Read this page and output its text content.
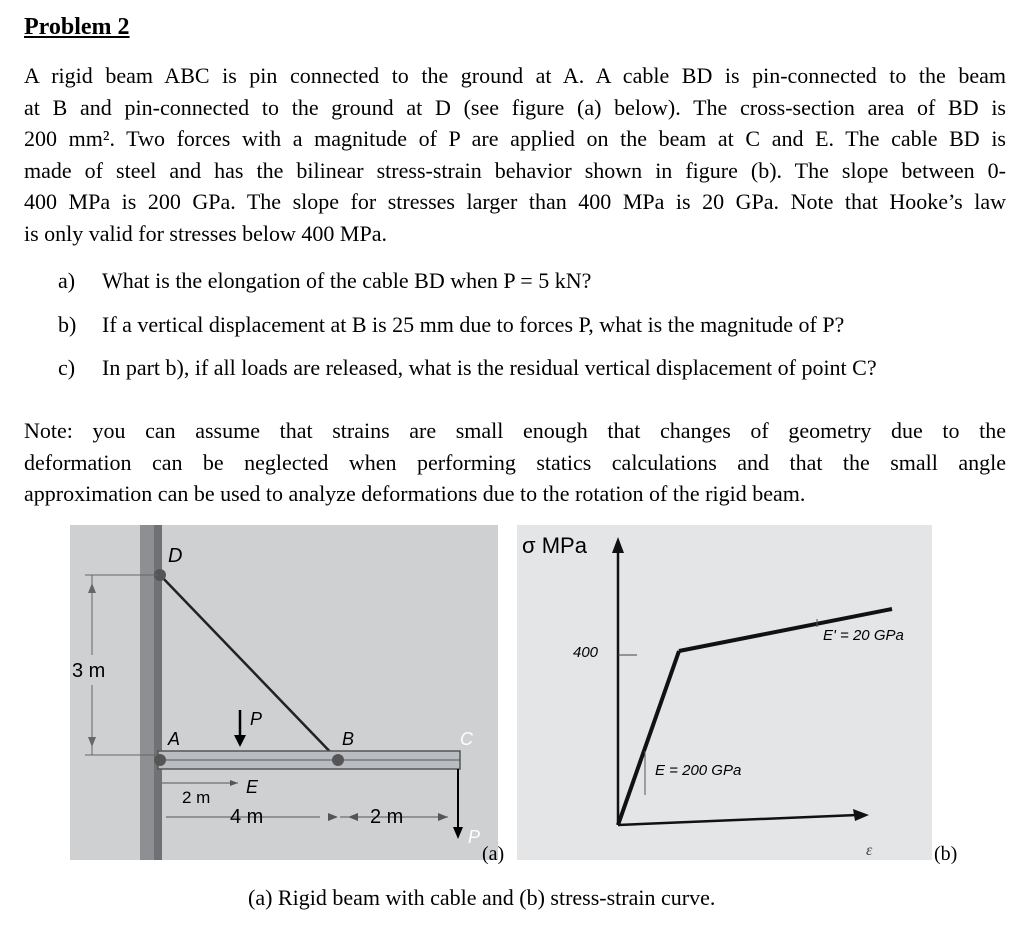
Problem 2
A rigid beam ABC is pin connected to the ground at A. A cable BD is pin-connected to the beam
at B and pin-connected to the ground at D (see figure (a) below). The cross-section area of BD is
200 mm². Two forces with a magnitude of P are applied on the beam at C and E. The cable BD is
made of steel and has the bilinear stress-strain behavior shown in figure (b). The slope between 0-
400 MPa is 200 GPa. The slope for stresses larger than 400 MPa is 20 GPa. Note that Hooke’s law
is only valid for stresses below 400 MPa.
a) What is the elongation of the cable BD when P = 5 kN?
b) If a vertical displacement at B is 25 mm due to forces P, what is the magnitude of P?
c) In part b), if all loads are released, what is the residual vertical displacement of point C?
Note: you can assume that strains are small enough that changes of geometry due to the
deformation can be neglected when performing statics calculations and that the small angle
approximation can be used to analyze deformations due to the rotation of the rigid beam.
3 m
P
P
D
A	B	C
E
2 m
4 m	2 m
(a)
400
E = 200 GPa
E' = 20 GPa
σ MPa
ε	(b)
(a) Rigid beam with cable and (b) stress-strain curve.
